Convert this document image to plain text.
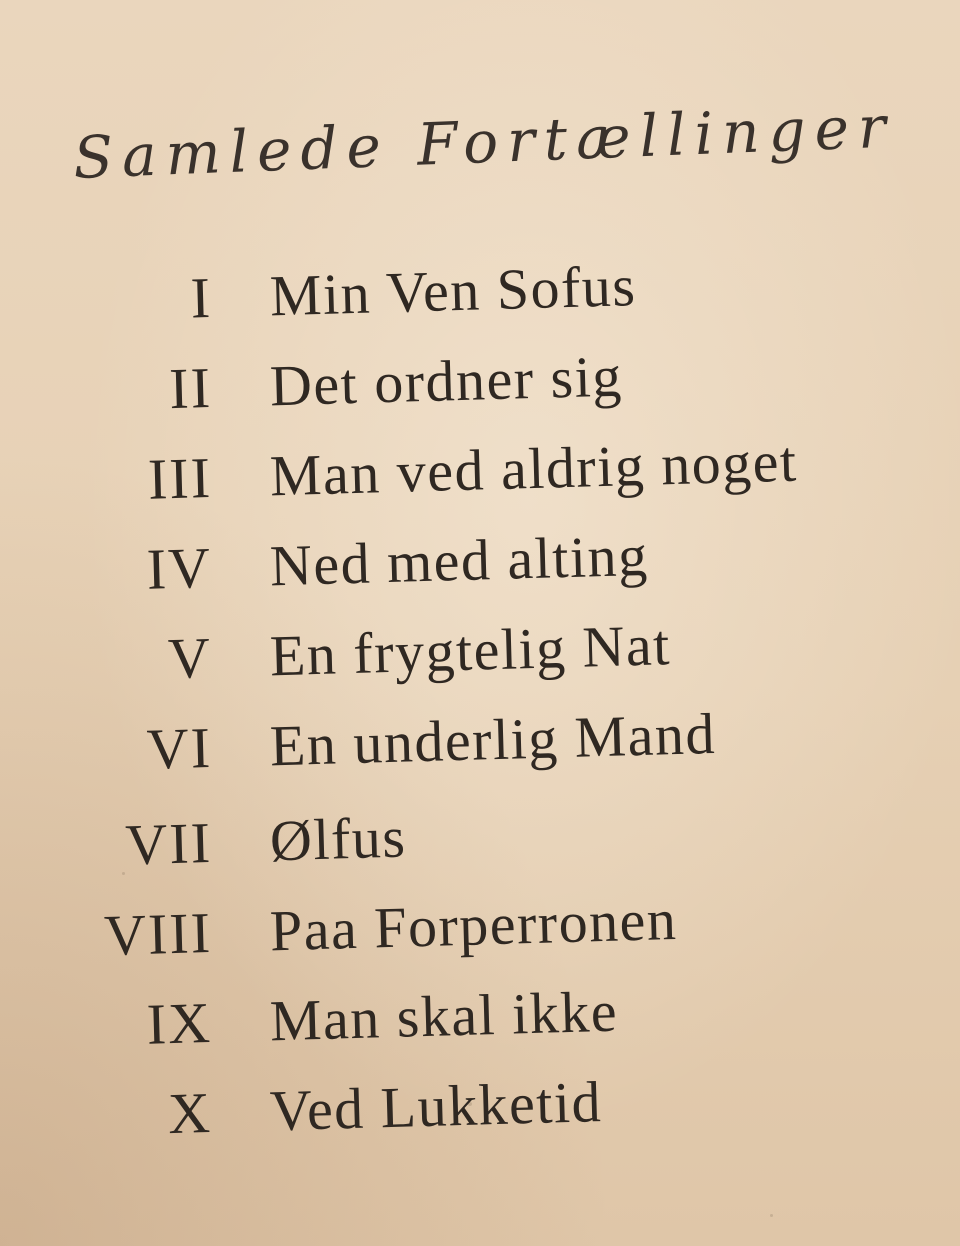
Samlede Fortællinger
I Min Ven Sofus
II Det ordner sig
III Man ved aldrig noget
IV Ned med alting
V En frygtelig Nat
VI En underlig Mand
VII Ølfus
VIII Paa Forperronen
IX Man skal ikke
X Ved Lukketid
